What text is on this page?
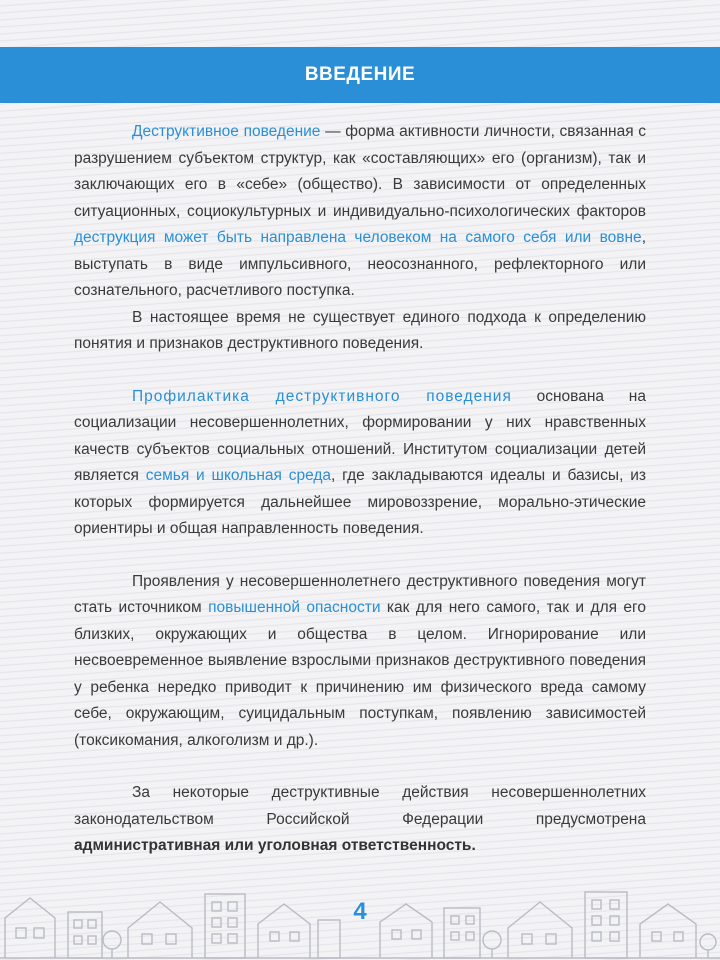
ВВЕДЕНИЕ

Деструктивное поведение — форма активности личности, связанная с разрушением субъектом структур, как «составляющих» его (организм), так и заключающих его в «себе» (общество). В зависимости от определенных ситуационных, социокультурных и индивидуально-психологических факторов деструкция может быть направлена человеком на самого себя или вовне, выступать в виде импульсивного, неосознанного, рефлекторного или сознательного, расчетливого поступка.

В настоящее время не существует единого подхода к определению понятия и признаков деструктивного поведения.

Профилактика деструктивного поведения основана на социализации несовершеннолетних, формировании у них нравственных качеств субъектов социальных отношений. Институтом социализации детей является семья и школьная среда, где закладываются идеалы и базисы, из которых формируется дальнейшее мировоззрение, морально-этические ориентиры и общая направленность поведения.

Проявления у несовершеннолетнего деструктивного поведения могут стать источником повышенной опасности как для него самого, так и для его близких, окружающих и общества в целом. Игнорирование или несвоевременное выявление взрослыми признаков деструктивного поведения у ребенка нередко приводит к причинению им физического вреда самому себе, окружающим, суицидальным поступкам, появлению зависимостей (токсикомания, алкоголизм и др.).

За некоторые деструктивные действия несовершеннолетних законодательством Российской Федерации предусмотрена административная или уголовная ответственность.

4
